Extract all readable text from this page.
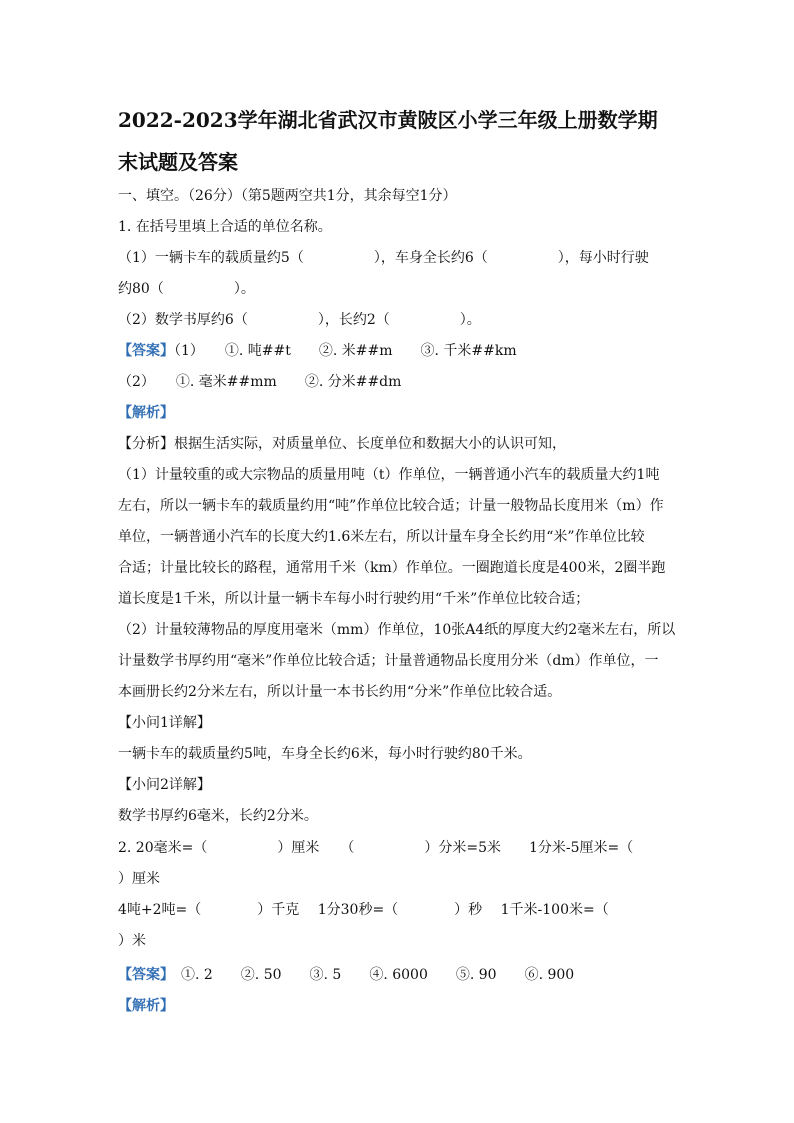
2022-2023学年湖北省武汉市黄陂区小学三年级上册数学期
末试题及答案
一、填空。（26分）（第5题两空共1分，其余每空1分）
1. 在括号里填上合适的单位名称。
（1）一辆卡车的载质量约5（　　　　　），车身全长约6（　　　　　），每小时行驶
约80（　　　　　）。
（2）数学书厚约6（　　　　　），长约2（　　　　　）。
【答案】（1）　　①. 吨##t　　②. 米##m　　③. 千米##km
（2）　　①. 毫米##mm　　②. 分米##dm
【解析】
【分析】根据生活实际，对质量单位、长度单位和数据大小的认识可知，
（1）计量较重的或大宗物品的质量用吨（t）作单位，一辆普通小汽车的载质量大约1吨
左右，所以一辆卡车的载质量约用“吨”作单位比较合适；计量一般物品长度用米（m）作
单位，一辆普通小汽车的长度大约1.6米左右，所以计量车身全长约用“米”作单位比较
合适；计量比较长的路程，通常用千米（km）作单位。一圈跑道长度是400米，2圈半跑
道长度是1千米，所以计量一辆卡车每小时行驶约用“千米”作单位比较合适；
（2）计量较薄物品的厚度用毫米（mm）作单位，10张A4纸的厚度大约2毫米左右，所以
计量数学书厚约用“毫米”作单位比较合适；计量普通物品长度用分米（dm）作单位，一
本画册长约2分米左右，所以计量一本书长约用“分米”作单位比较合适。
【小问1详解】
一辆卡车的载质量约5吨，车身全长约6米，每小时行驶约80千米。
【小问2详解】
数学书厚约6毫米，长约2分米。
2. 20毫米=（　　　　　）厘米　　（　　　　　）分米=5米　　1分米-5厘米=（
）厘米
4吨+2吨=（　　　　）千克　 1分30秒=（　　　　）秒　 1千米-100米=（
）米
【答案】　①. 2　　②. 50　　③. 5　　④. 6000　　⑤. 90　　⑥. 900
【解析】
